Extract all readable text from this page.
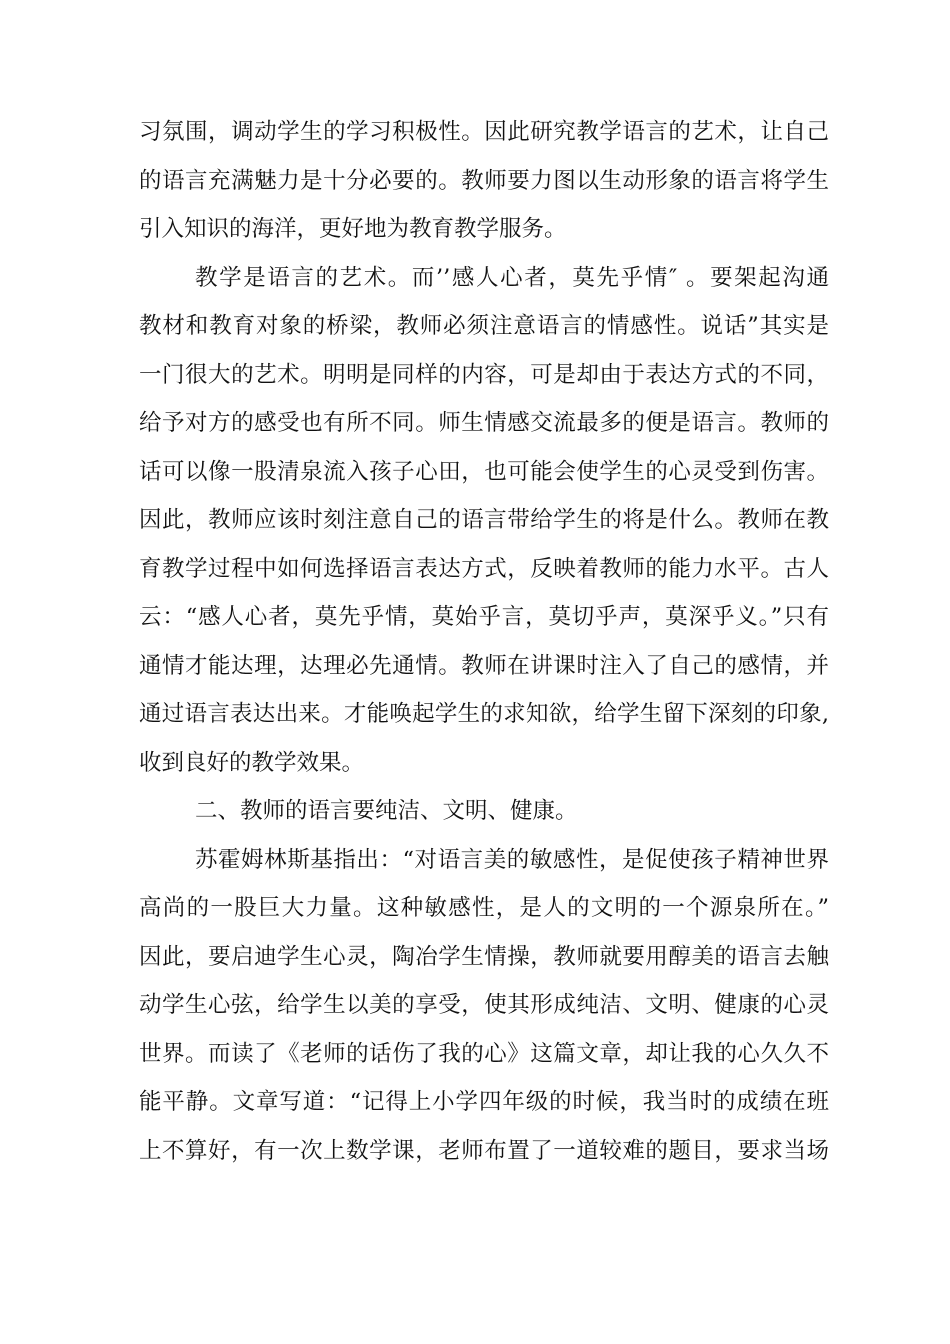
习氛围，调动学生的学习积极性。因此研究教学语言的艺术，让自己
的语言充满魅力是十分必要的。教师要力图以生动形象的语言将学生
引入知识的海洋，更好地为教育教学服务。
教学是语言的艺术。而’’感人心者，莫先乎情″ 。要架起沟通
教材和教育对象的桥梁，教师必须注意语言的情感性。说话”其实是
一门很大的艺术。明明是同样的内容，可是却由于表达方式的不同，
给予对方的感受也有所不同。师生情感交流最多的便是语言。教师的
话可以像一股清泉流入孩子心田，也可能会使学生的心灵受到伤害。
因此，教师应该时刻注意自己的语言带给学生的将是什么。教师在教
育教学过程中如何选择语言表达方式，反映着教师的能力水平。古人
云：“感人心者，莫先乎情，莫始乎言，莫切乎声，莫深乎义。”只有
通情才能达理，达理必先通情。教师在讲课时注入了自己的感情，并
通过语言表达出来。才能唤起学生的求知欲，给学生留下深刻的印象,
收到良好的教学效果。
二、教师的语言要纯洁、文明、健康。
苏霍姆林斯基指出：“对语言美的敏感性，是促使孩子精神世界
高尚的一股巨大力量。这种敏感性，是人的文明的一个源泉所在。”
因此，要启迪学生心灵，陶冶学生情操，教师就要用醇美的语言去触
动学生心弦，给学生以美的享受，使其形成纯洁、文明、健康的心灵
世界。而读了《老师的话伤了我的心》这篇文章，却让我的心久久不
能平静。文章写道：“记得上小学四年级的时候，我当时的成绩在班
上不算好，有一次上数学课，老师布置了一道较难的题目，要求当场
